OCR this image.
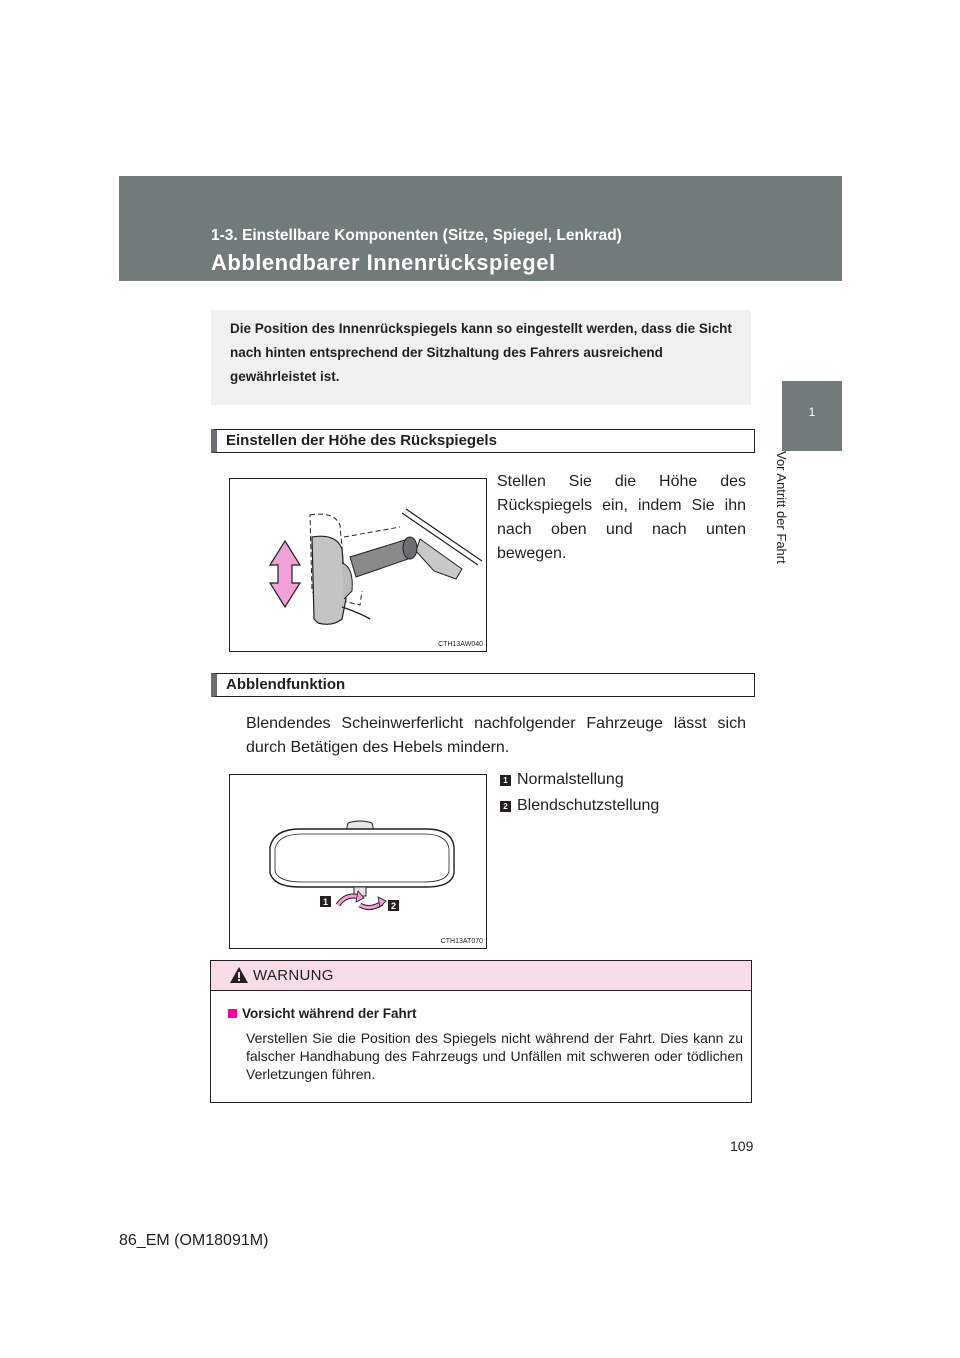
1-3. Einstellbare Komponenten (Sitze, Spiegel, Lenkrad)
Abblendbarer Innenrückspiegel
1
Vor Antritt der Fahrt
Die Position des Innenrückspiegels kann so eingestellt werden, dass die Sicht nach hinten entsprechend der Sitzhaltung des Fahrers ausreichend gewährleistet ist.
Einstellen der Höhe des Rückspiegels
CTH13AW040
Stellen Sie die Höhe des Rückspiegels ein, indem Sie ihn nach oben und nach unten bewegen.
Abblendfunktion
Blendendes Scheinwerferlicht nachfolgender Fahrzeuge lässt sich durch Betätigen des Hebels mindern.
1	2
CTH13AT070
1 Normalstellung
2 Blendschutzstellung
WARNUNG
Vorsicht während der Fahrt
Verstellen Sie die Position des Spiegels nicht während der Fahrt. Dies kann zu falscher Handhabung des Fahrzeugs und Unfällen mit schweren oder tödlichen Verletzungen führen.
109
86_EM (OM18091M)
